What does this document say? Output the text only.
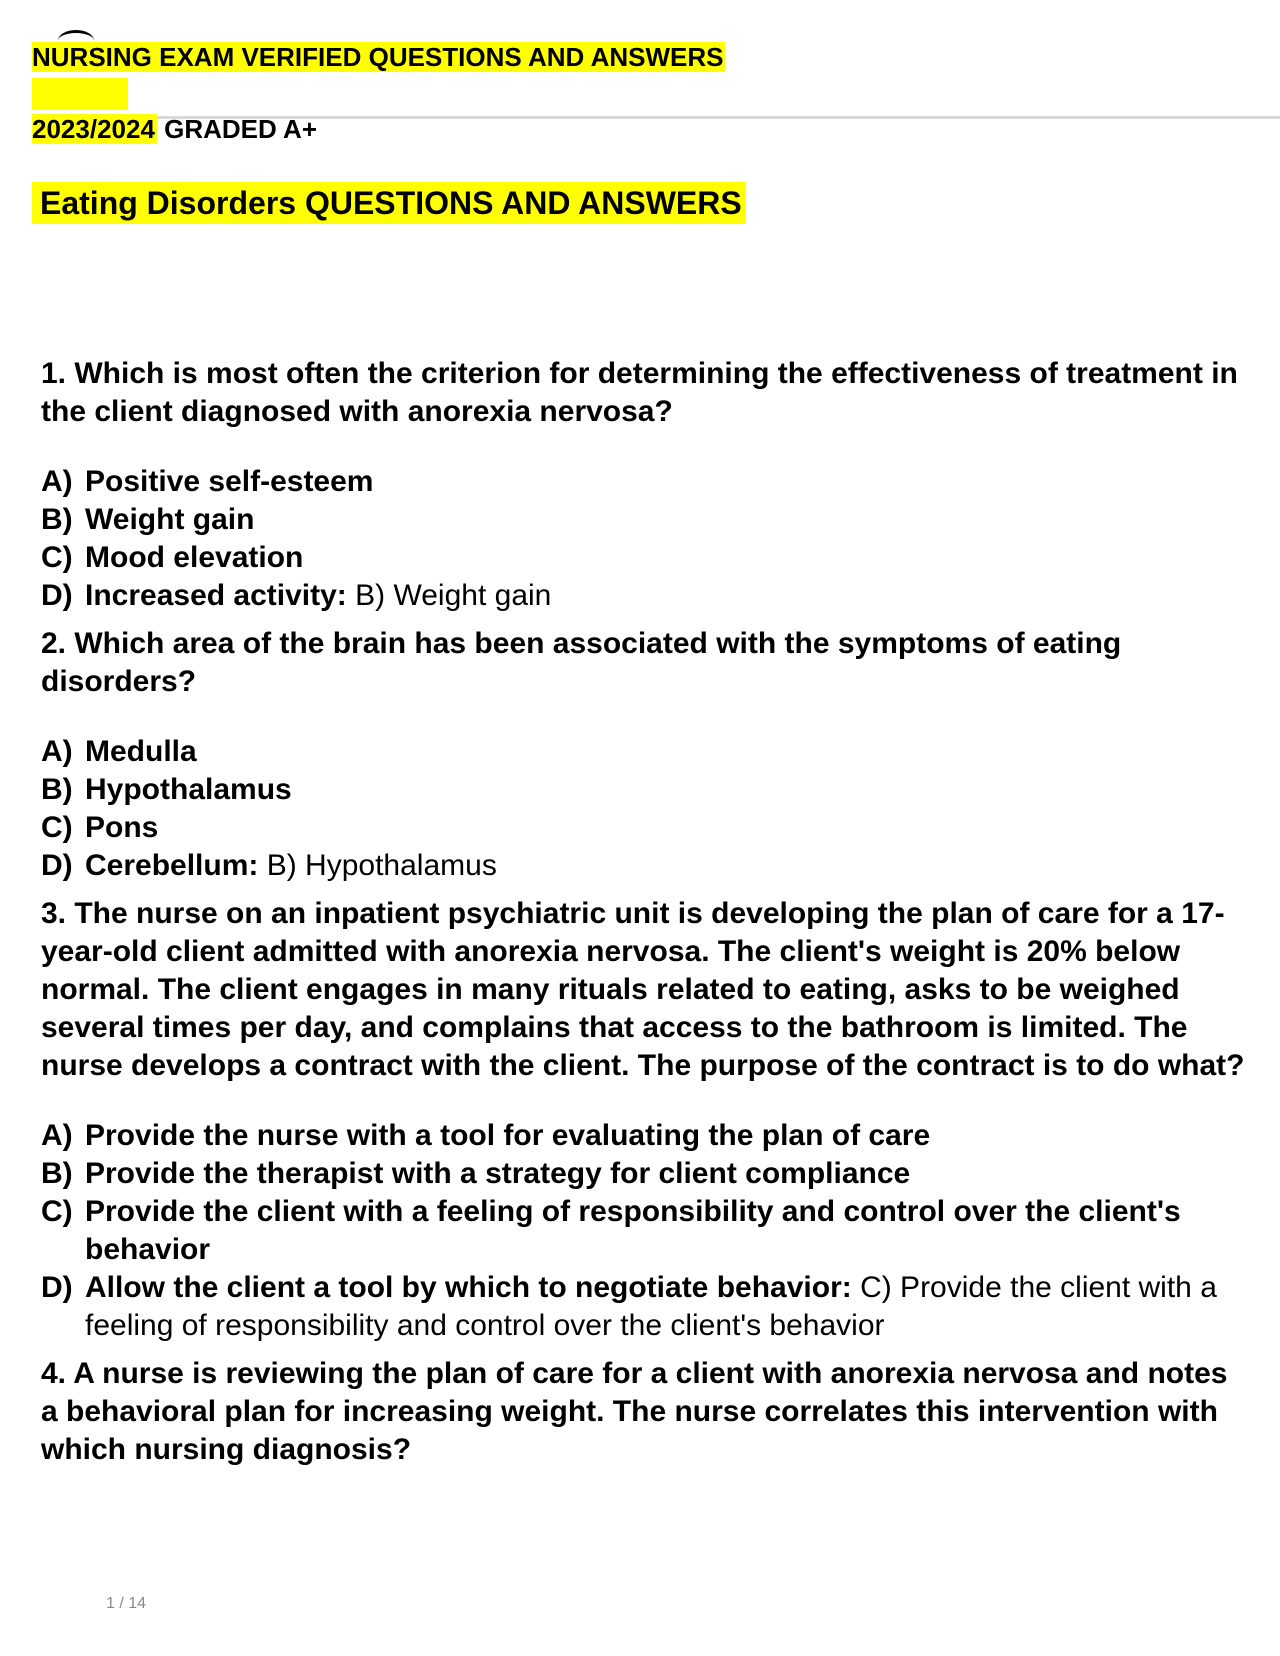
NURSING EXAM VERIFIED QUESTIONS AND ANSWERS
2023/2024 GRADED A+
Eating Disorders QUESTIONS AND ANSWERS

1. Which is most often the criterion for determining the effectiveness of treatment in the client diagnosed with anorexia nervosa?

A) Positive self-esteem
B) Weight gain
C) Mood elevation
D) Increased activity: B) Weight gain

2. Which area of the brain has been associated with the symptoms of eating disorders?

A) Medulla
B) Hypothalamus
C) Pons
D) Cerebellum: B) Hypothalamus

3. The nurse on an inpatient psychiatric unit is developing the plan of care for a 17-year-old client admitted with anorexia nervosa. The client's weight is 20% below normal. The client engages in many rituals related to eating, asks to be weighed several times per day, and complains that access to the bathroom is limited. The nurse develops a contract with the client. The purpose of the contract is to do what?

A) Provide the nurse with a tool for evaluating the plan of care
B) Provide the therapist with a strategy for client compliance
C) Provide the client with a feeling of responsibility and control over the client's behavior
D) Allow the client a tool by which to negotiate behavior: C) Provide the client with a feeling of responsibility and control over the client's behavior

4. A nurse is reviewing the plan of care for a client with anorexia nervosa and notes a behavioral plan for increasing weight. The nurse correlates this intervention with which nursing diagnosis?

1 / 14
